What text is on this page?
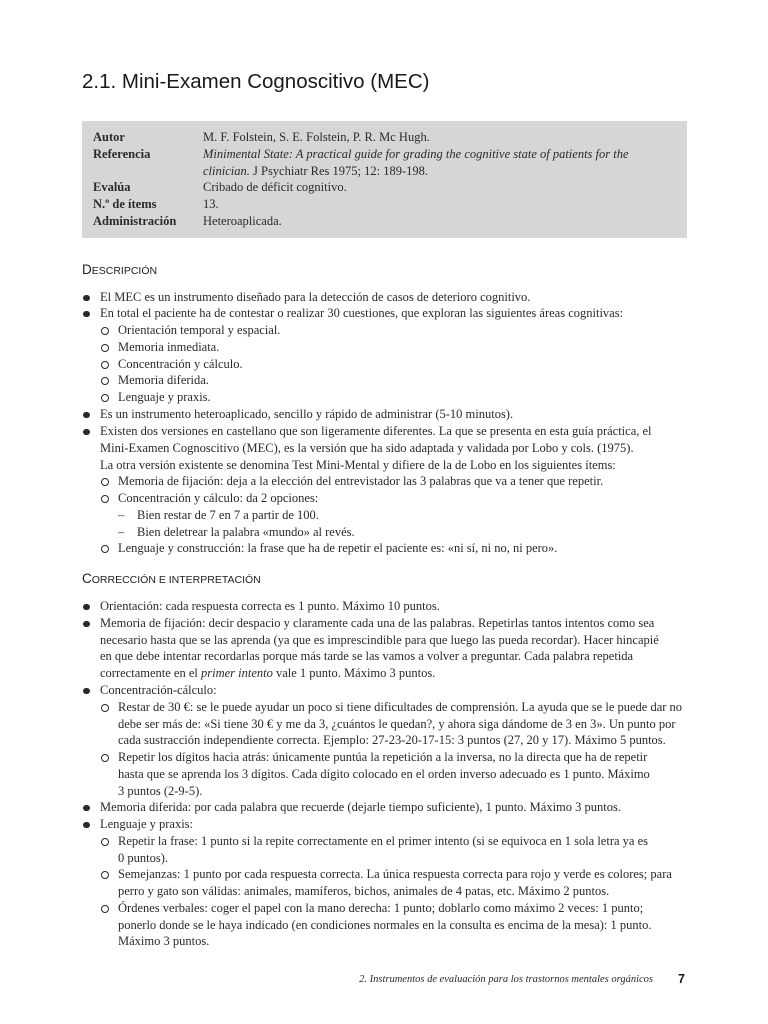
2.1. Mini-Examen Cognoscitivo (MEC)
Autor	M. F. Folstein, S. E. Folstein, P. R. Mc Hugh.
Referencia	Minimental State: A practical guide for grading the cognitive state of patients for the
clinician. J Psychiatr Res 1975; 12: 189-198.
Evalúa	Cribado de déficit cognitivo.
N.º de ítems	13.
Administración Heteroaplicada.
DESCRIPCIÓN
El MEC es un instrumento diseñado para la detección de casos de deterioro cognitivo.
En total el paciente ha de contestar o realizar 30 cuestiones, que exploran las siguientes áreas cognitivas:
Orientación temporal y espacial.
Memoria inmediata.
Concentración y cálculo.
Memoria diferida.
Lenguaje y praxis.
Es un instrumento heteroaplicado, sencillo y rápido de administrar (5-10 minutos).
Existen dos versiones en castellano que son ligeramente diferentes. La que se presenta en esta guía práctica, el
Mini-Examen Cognoscitivo (MEC), es la versión que ha sido adaptada y validada por Lobo y cols. (1975).
La otra versión existente se denomina Test Mini-Mental y difiere de la de Lobo en los siguientes ítems:
Memoria de fijación: deja a la elección del entrevistador las 3 palabras que va a tener que repetir.
Concentración y cálculo: da 2 opciones:
– Bien restar de 7 en 7 a partir de 100.
– Bien deletrear la palabra «mundo» al revés.
Lenguaje y construcción: la frase que ha de repetir el paciente es: «ni sí, ni no, ni pero».
CORRECCIÓN E INTERPRETACIÓN
Orientación: cada respuesta correcta es 1 punto. Máximo 10 puntos.
Memoria de fijación: decir despacio y claramente cada una de las palabras. Repetirlas tantos intentos como sea
necesario hasta que se las aprenda (ya que es imprescindible para que luego las pueda recordar). Hacer hincapié
en que debe intentar recordarlas porque más tarde se las vamos a volver a preguntar. Cada palabra repetida
correctamente en el primer intento vale 1 punto. Máximo 3 puntos.
Concentración-cálculo:
Restar de 30 €: se le puede ayudar un poco si tiene dificultades de comprensión. La ayuda que se le puede dar no
debe ser más de: «Si tiene 30 € y me da 3, ¿cuántos le quedan?, y ahora siga dándome de 3 en 3». Un punto por
cada sustracción independiente correcta. Ejemplo: 27-23-20-17-15: 3 puntos (27, 20 y 17). Máximo 5 puntos.
Repetir los dígitos hacia atrás: únicamente puntúa la repetición a la inversa, no la directa que ha de repetir
hasta que se aprenda los 3 dígitos. Cada dígito colocado en el orden inverso adecuado es 1 punto. Máximo
3 puntos (2-9-5).
Memoria diferida: por cada palabra que recuerde (dejarle tiempo suficiente), 1 punto. Máximo 3 puntos.
Lenguaje y praxis:
Repetir la frase: 1 punto si la repite correctamente en el primer intento (si se equivoca en 1 sola letra ya es
0 puntos).
Semejanzas: 1 punto por cada respuesta correcta. La única respuesta correcta para rojo y verde es colores; para
perro y gato son válidas: animales, mamíferos, bichos, animales de 4 patas, etc. Máximo 2 puntos.
Órdenes verbales: coger el papel con la mano derecha: 1 punto; doblarlo como máximo 2 veces: 1 punto;
ponerlo donde se le haya indicado (en condiciones normales en la consulta es encima de la mesa): 1 punto.
Máximo 3 puntos.
2. Instrumentos de evaluación para los trastornos mentales orgánicos 7
